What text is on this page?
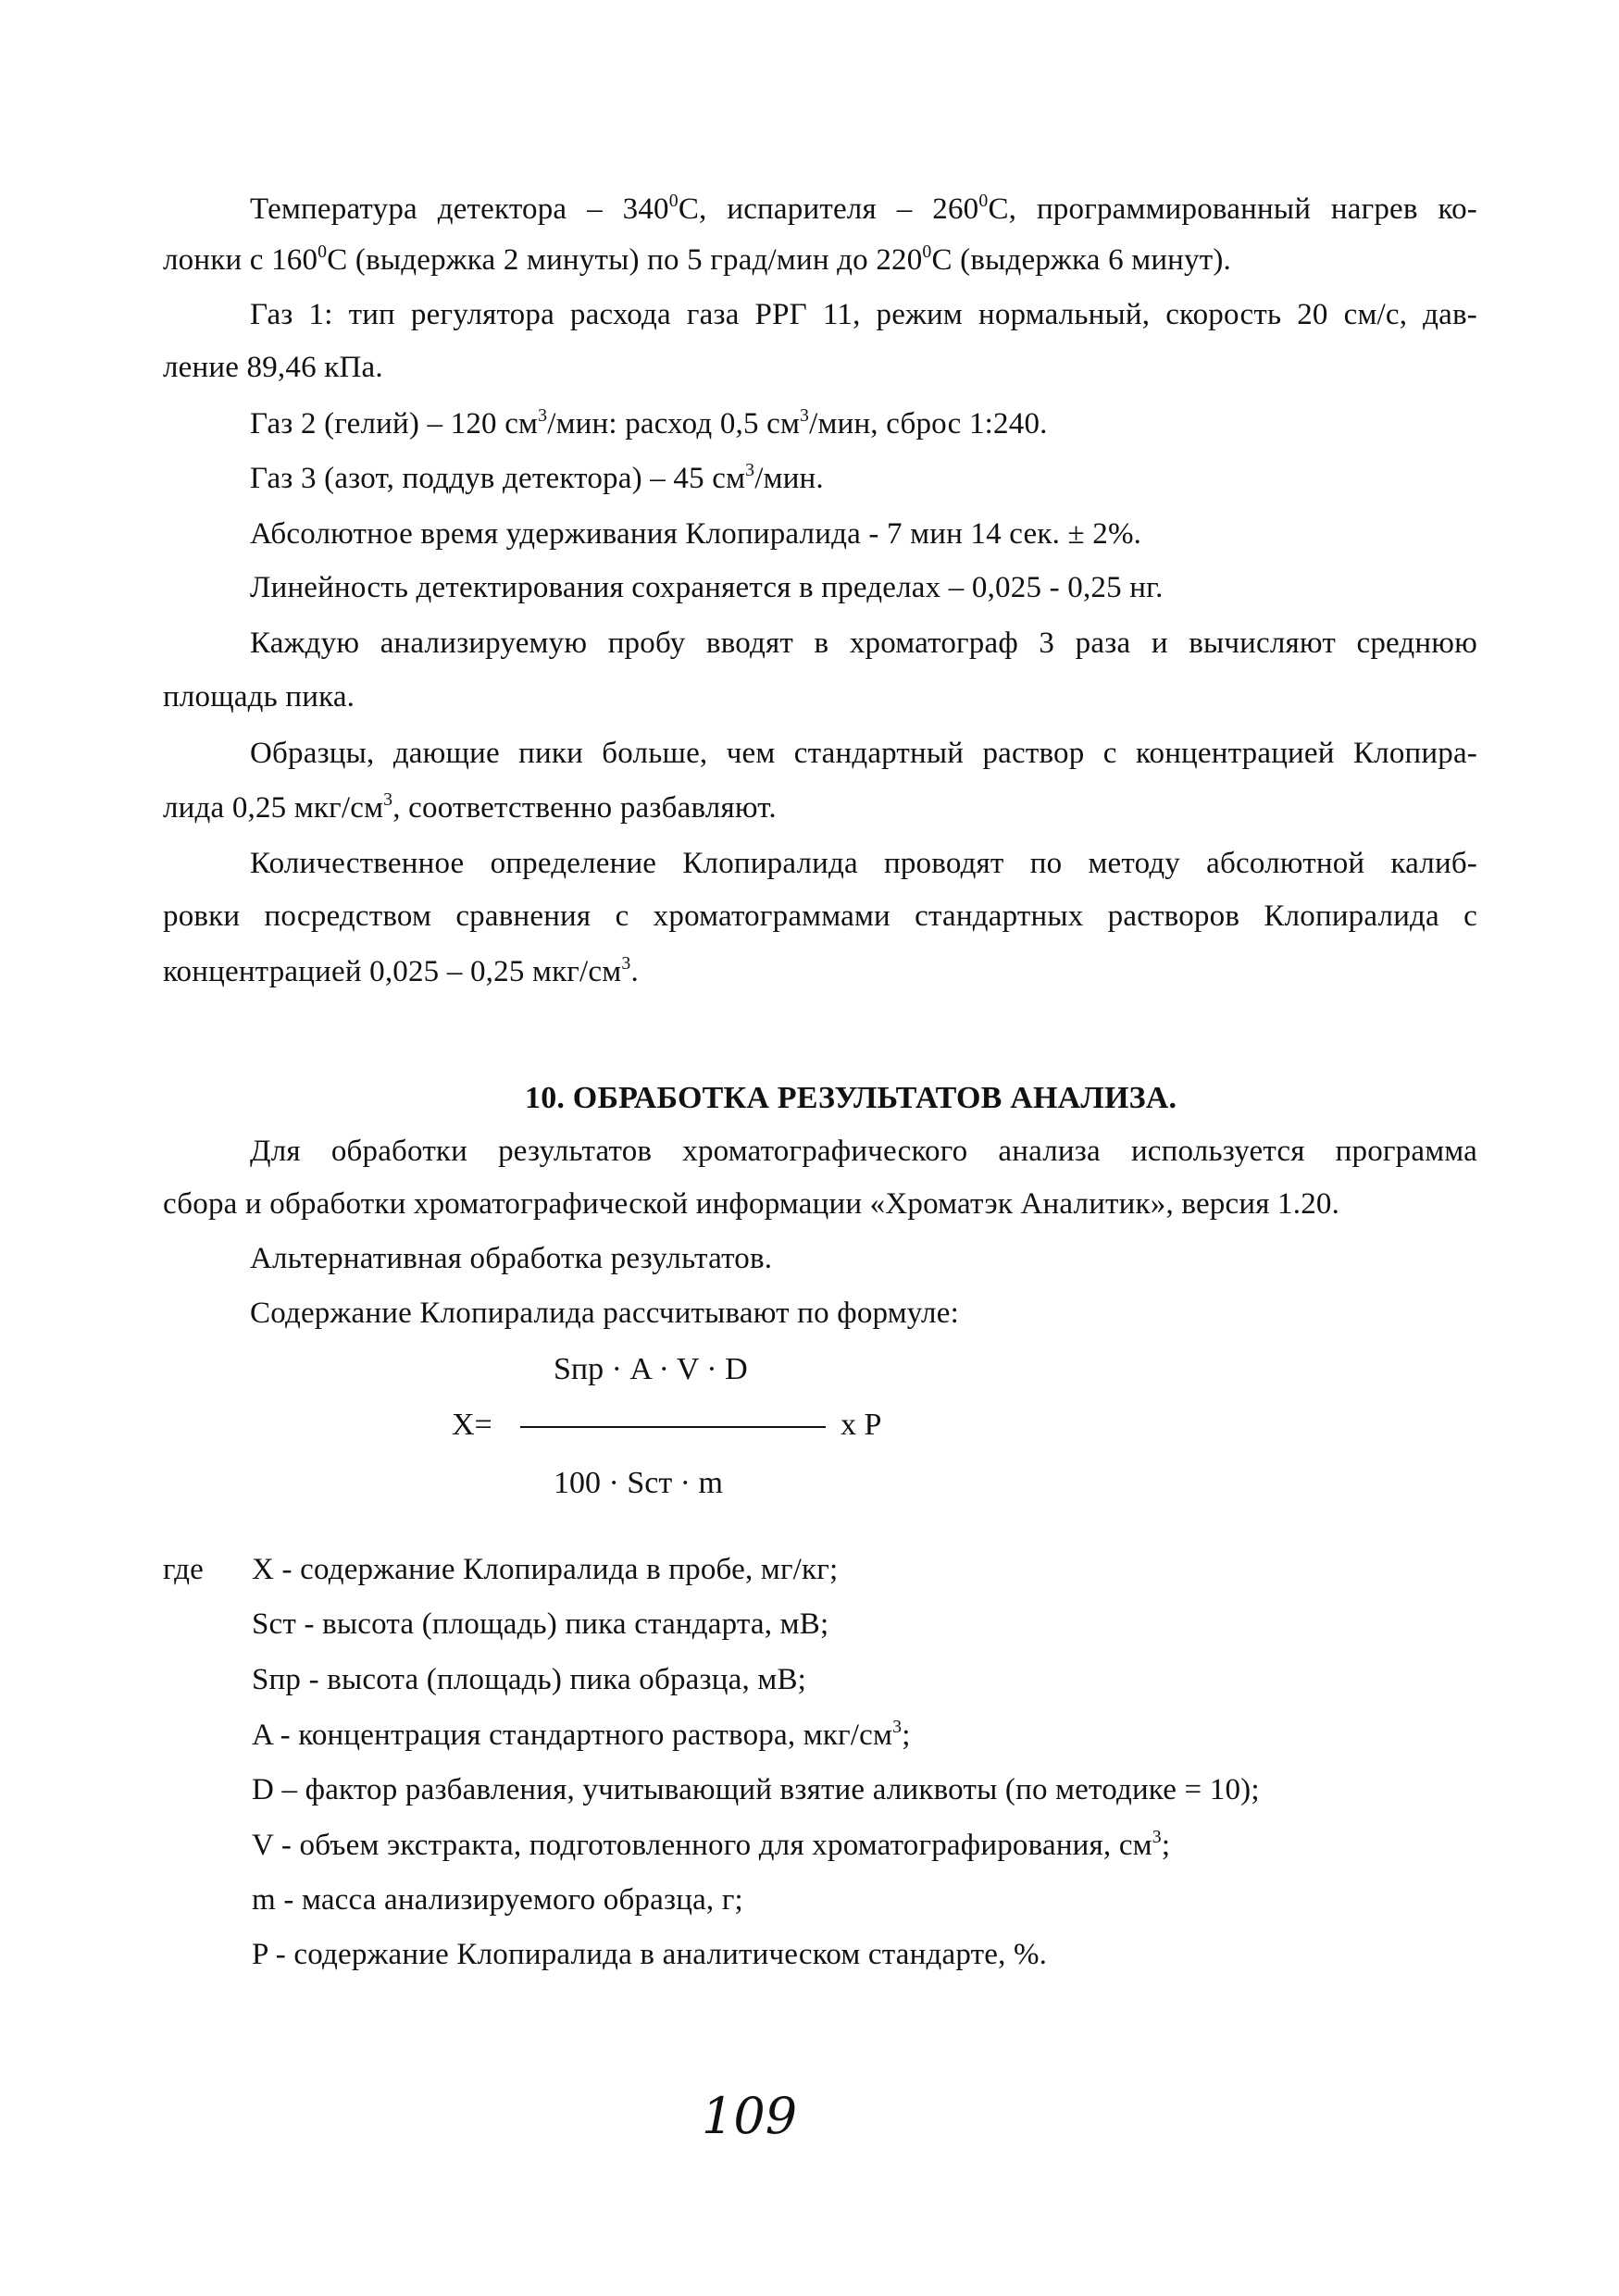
Температура детектора – $340^0С$, испарителя – $260^0С$, программированный нагрев ко-
лонки с $160^0С$ (выдержка 2 минуты) по 5 град/мин до $220^0С$ (выдержка 6 минут).
Газ 1: тип регулятора расхода газа РРГ 11, режим нормальный, скорость 20 см/с, дав-
ление 89,46 кПа.
Газ 2 (гелий) – 120 $см^3$/мин: расход 0,5 $см^3$/мин, сброс 1:240.
Газ 3 (азот, поддув детектора) – 45 $см^3$/мин.
Абсолютное время удерживания Клопиралида - 7 мин 14 сек. ± 2%.
Линейность детектирования сохраняется в пределах – 0,025 - 0,25 нг.
Каждую анализируемую пробу вводят в хроматограф 3 раза и вычисляют среднюю
площадь пика.
Образцы, дающие пики больше, чем стандартный раствор с концентрацией Клопира-
лида 0,25 мкг/$см^3$, соответственно разбавляют.
Количественное определение Клопиралида проводят по методу абсолютной калиб-
ровки посредством сравнения с хроматограммами стандартных растворов Клопиралида с
концентрацией 0,025 – 0,25 мкг/$см^3$.
10. ОБРАБОТКА РЕЗУЛЬТАТОВ АНАЛИЗА.
Для обработки результатов хроматографического анализа используется программа
сбора и обработки хроматографической информации «Хроматэк Аналитик», версия 1.20.
Альтернативная обработка результатов.
Содержание Клопиралида рассчитывают по формуле:
Sпр · A · V · D
X=	x P
100 · Sст · m
где X - содержание Клопиралида в пробе, мг/кг;
Sст - высота (площадь) пика стандарта, мВ;
Sпр - высота (площадь) пика образца, мВ;
A - концентрация стандартного раствора, мкг/$см^3$;
D – фактор разбавления, учитывающий взятие аликвоты (по методике = 10);
V - объем экстракта, подготовленного для хроматографирования, $см^3$;
m - масса анализируемого образца, г;
P - содержание Клопиралида в аналитическом стандарте, %.
109
